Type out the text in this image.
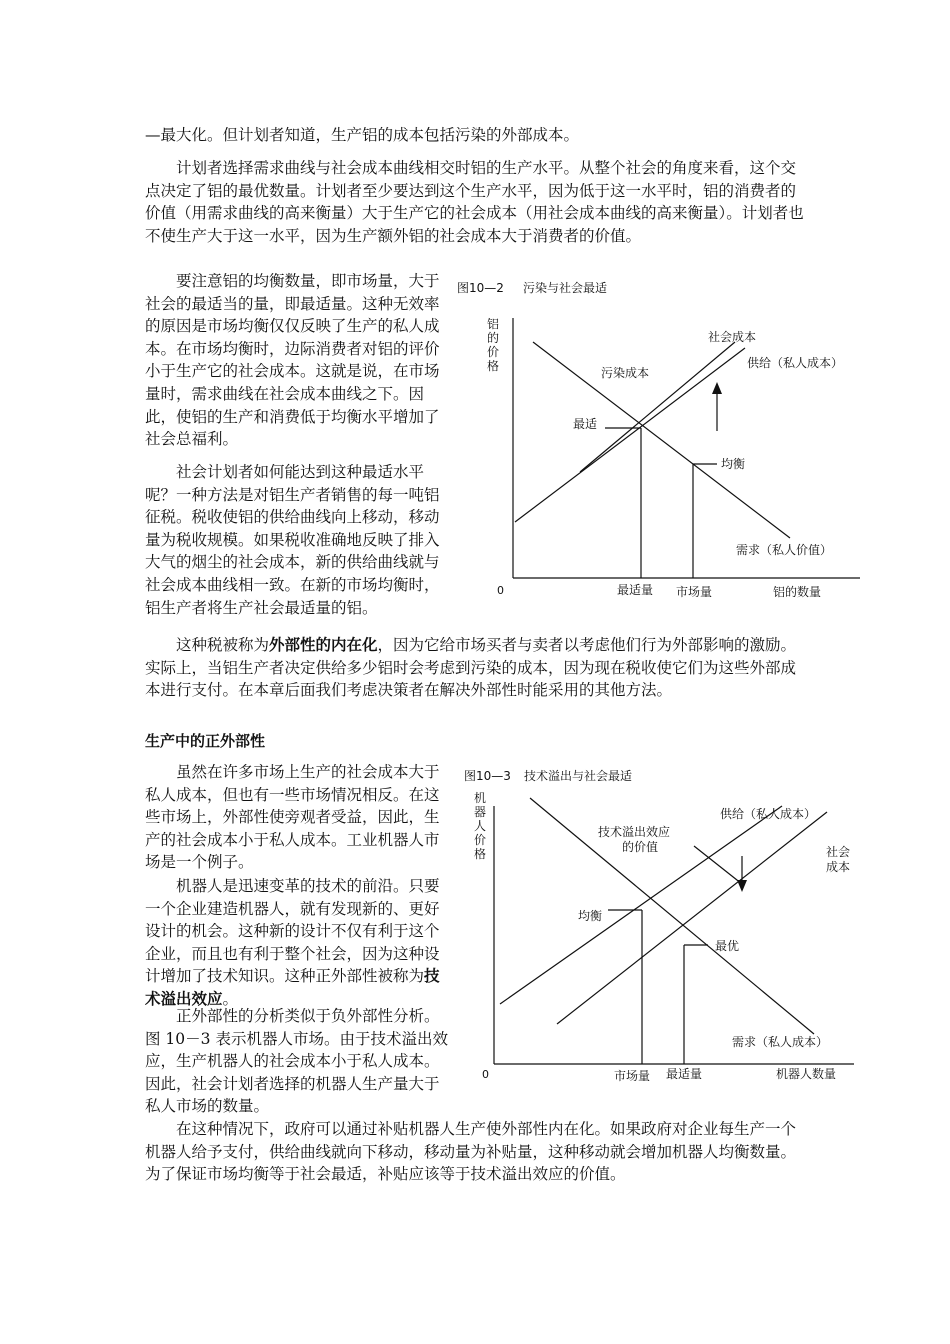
—最大化。但计划者知道，生产铝的成本包括污染的外部成本。

计划者选择需求曲线与社会成本曲线相交时铝的生产水平。从整个社会的角度来看，这个交点决定了铝的最优数量。计划者至少要达到这个生产水平，因为低于这一水平时，铝的消费者的价值（用需求曲线的高来衡量）大于生产它的社会成本（用社会成本曲线的高来衡量）。计划者也不使生产大于这一水平，因为生产额外铝的社会成本大于消费者的价值。

要注意铝的均衡数量，即市场量，大于社会的最适当的量，即最适量。这种无效率的原因是市场均衡仅仅反映了生产的私人成本。在市场均衡时，边际消费者对铝的评价小于生产它的社会成本。这就是说，在市场量时，需求曲线在社会成本曲线之下。因此，使铝的生产和消费低于均衡水平增加了社会总福利。

社会计划者如何能达到这种最适水平呢？一种方法是对铝生产者销售的每一吨铝征税。税收使铝的供给曲线向上移动，移动量为税收规模。如果税收准确地反映了排入大气的烟尘的社会成本，新的供给曲线就与社会成本曲线相一致。在新的市场均衡时，铝生产者将生产社会最适量的铝。

这种税被称为外部性的内在化，因为它给市场买者与卖者以考虑他们行为外部影响的激励。实际上，当铝生产者决定供给多少铝时会考虑到污染的成本，因为现在税收使它们为这些外部成本进行支付。在本章后面我们考虑决策者在解决外部性时能采用的其他方法。

生产中的正外部性

虽然在许多市场上生产的社会成本大于私人成本，但也有一些市场情况相反。在这些市场上，外部性使旁观者受益，因此，生产的社会成本小于私人成本。工业机器人市场是一个例子。

机器人是迅速变革的技术的前沿。只要一个企业建造机器人，就有发现新的、更好设计的机会。这种新的设计不仅有利于这个企业，而且也有利于整个社会，因为这种设计增加了技术知识。这种正外部性被称为技术溢出效应。

正外部性的分析类似于负外部性分析。图 10－3 表示机器人市场。由于技术溢出效应，生产机器人的社会成本小于私人成本。因此，社会计划者选择的机器人生产量大于私人市场的数量。

在这种情况下，政府可以通过补贴机器人生产使外部性内在化。如果政府对企业每生产一个机器人给予支付，供给曲线就向下移动，移动量为补贴量，这种移动就会增加机器人均衡数量。为了保证市场均衡等于社会最适，补贴应该等于技术溢出效应的价值。

图10—2 污染与社会最适
铝
的
价
格
0
社会成本
污染成本
供给（私人成本）
最适
均衡
需求（私人价值）
最适量 市场量	铝的数量
图10—3 技术溢出与社会最适
机
器
人
价
格
0
供给（私人成本）
技术溢出效应
的价值	社会
成本
均衡
最优
需求（私人成本）
市场量 最适量	机器人数量
